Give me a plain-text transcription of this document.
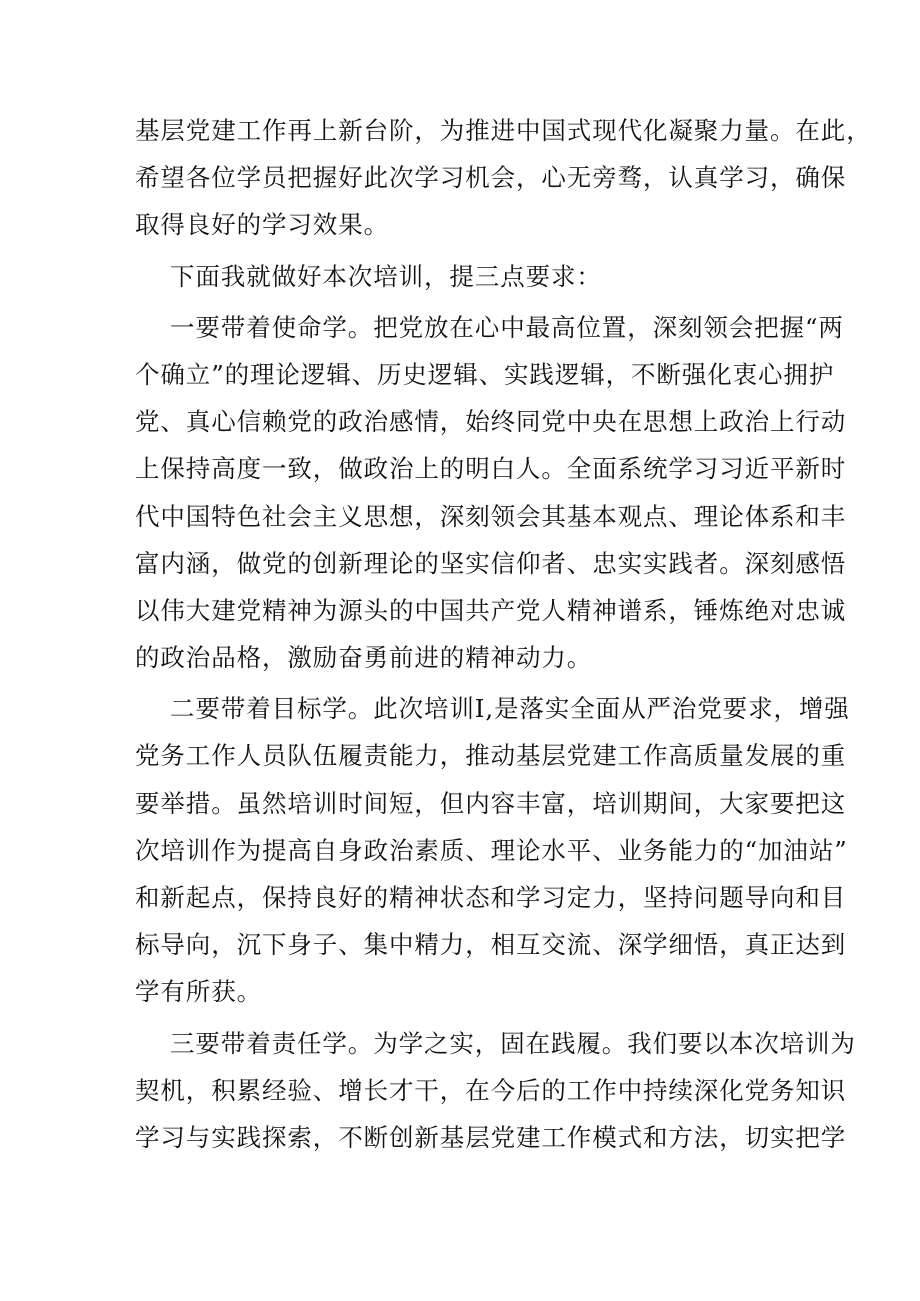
基层党建工作再上新台阶，为推进中国式现代化凝聚力量。在此，
希望各位学员把握好此次学习机会，心无旁骛，认真学习，确保
取得良好的学习效果。
下面我就做好本次培训，提三点要求：
一要带着使命学。把党放在心中最高位置，深刻领会把握“两
个确立”的理论逻辑、历史逻辑、实践逻辑，不断强化衷心拥护
党、真心信赖党的政治感情，始终同党中央在思想上政治上行动
上保持高度一致，做政治上的明白人。全面系统学习习近平新时
代中国特色社会主义思想，深刻领会其基本观点、理论体系和丰
富内涵，做党的创新理论的坚实信仰者、忠实实践者。深刻感悟
以伟大建党精神为源头的中国共产党人精神谱系，锤炼绝对忠诚
的政治品格，激励奋勇前进的精神动力。
二要带着目标学。此次培训I,是落实全面从严治党要求，增强
党务工作人员队伍履责能力，推动基层党建工作高质量发展的重
要举措。虽然培训时间短，但内容丰富，培训期间，大家要把这
次培训作为提高自身政治素质、理论水平、业务能力的“加油站”
和新起点，保持良好的精神状态和学习定力，坚持问题导向和目
标导向，沉下身子、集中精力，相互交流、深学细悟，真正达到
学有所获。
三要带着责任学。为学之实，固在践履。我们要以本次培训为
契机，积累经验、增长才干，在今后的工作中持续深化党务知识
学习与实践探索，不断创新基层党建工作模式和方法，切实把学
